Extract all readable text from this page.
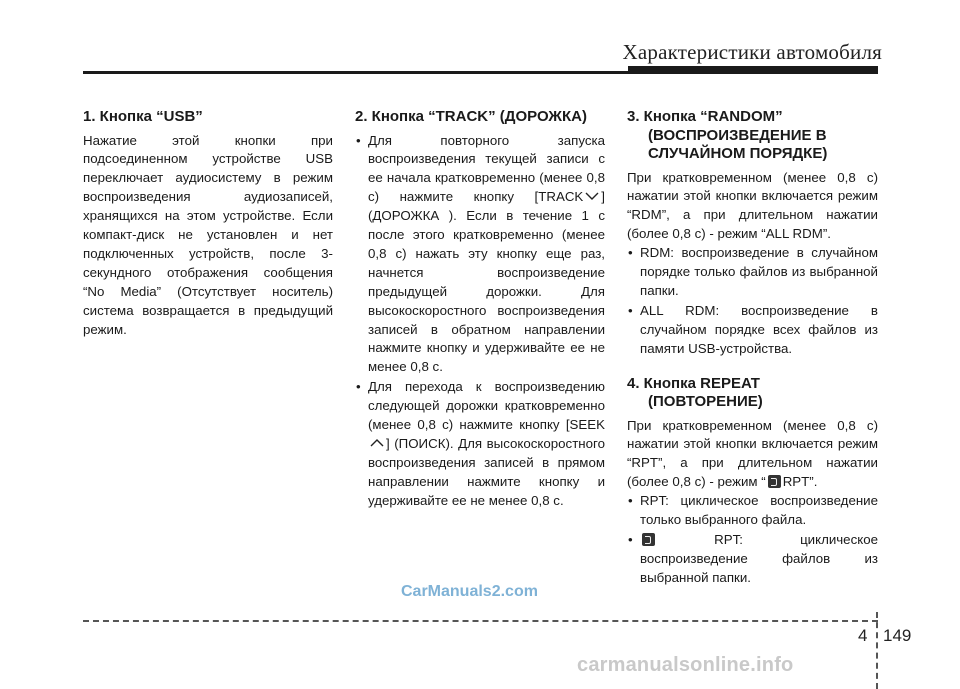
Характеристики автомобиля
1. Кнопка “USB”

Нажатие этой кнопки при подсоединенном устройстве USB переключает аудиосистему в режим воспроизведения аудиозаписей, хранящихся на этом устройстве. Если компакт-диск не установлен и нет подключенных устройств, после 3-секундного отображения сообщения “No Media” (Отсутствует носитель) система возвращается в предыдущий режим.

2. Кнопка “TRACK” (ДОРОЖКА)
• Для повторного запуска воспроизведения текущей записи с ее начала кратковременно (менее 0,8 с) нажмите кнопку [TRACK ] (ДОРОЖКА ). Если в течение 1 с после этого кратковременно (менее 0,8 с) нажать эту кнопку еще раз, начнется воспроизведение предыдущей дорожки. Для высокоскоростного воспроизведения записей в обратном направлении нажмите кнопку и удерживайте ее не менее 0,8 с.
• Для перехода к воспроизведению следующей дорожки кратковременно (менее 0,8 с) нажмите кнопку [SEEK] (ПОИСК). Для высокоскоростного воспроизведения записей в прямом направлении нажмите кнопку и удерживайте ее не менее 0,8 с.
3. Кнопка “RANDOM” (ВОСПРОИЗВЕДЕНИЕ В СЛУЧАЙНОМ ПОРЯДКЕ)

При кратковременном (менее 0,8 с) нажатии этой кнопки включается режим “RDM”, а при длительном нажатии (более 0,8 с) - режим “ALL RDM”.

• RDM: воспроизведение в случайном порядке только файлов из выбранной папки.
• ALL RDM: воспроизведение в случайном порядке всех файлов из памяти USB-устройства.
4. Кнопка REPEAT (ПОВТОРЕНИЕ)

При кратковременном (менее 0,8 с) нажатии этой кнопки включается режим “RPT”, а при длительном нажатии (более 0,8 с) - режим “ RPT”.

• RPT: циклическое воспроизведение только выбранного файла.
• RPT: циклическое воспроизведение файлов из выбранной папки.
CarManuals2.com
4 149
carmanualsonline.info
